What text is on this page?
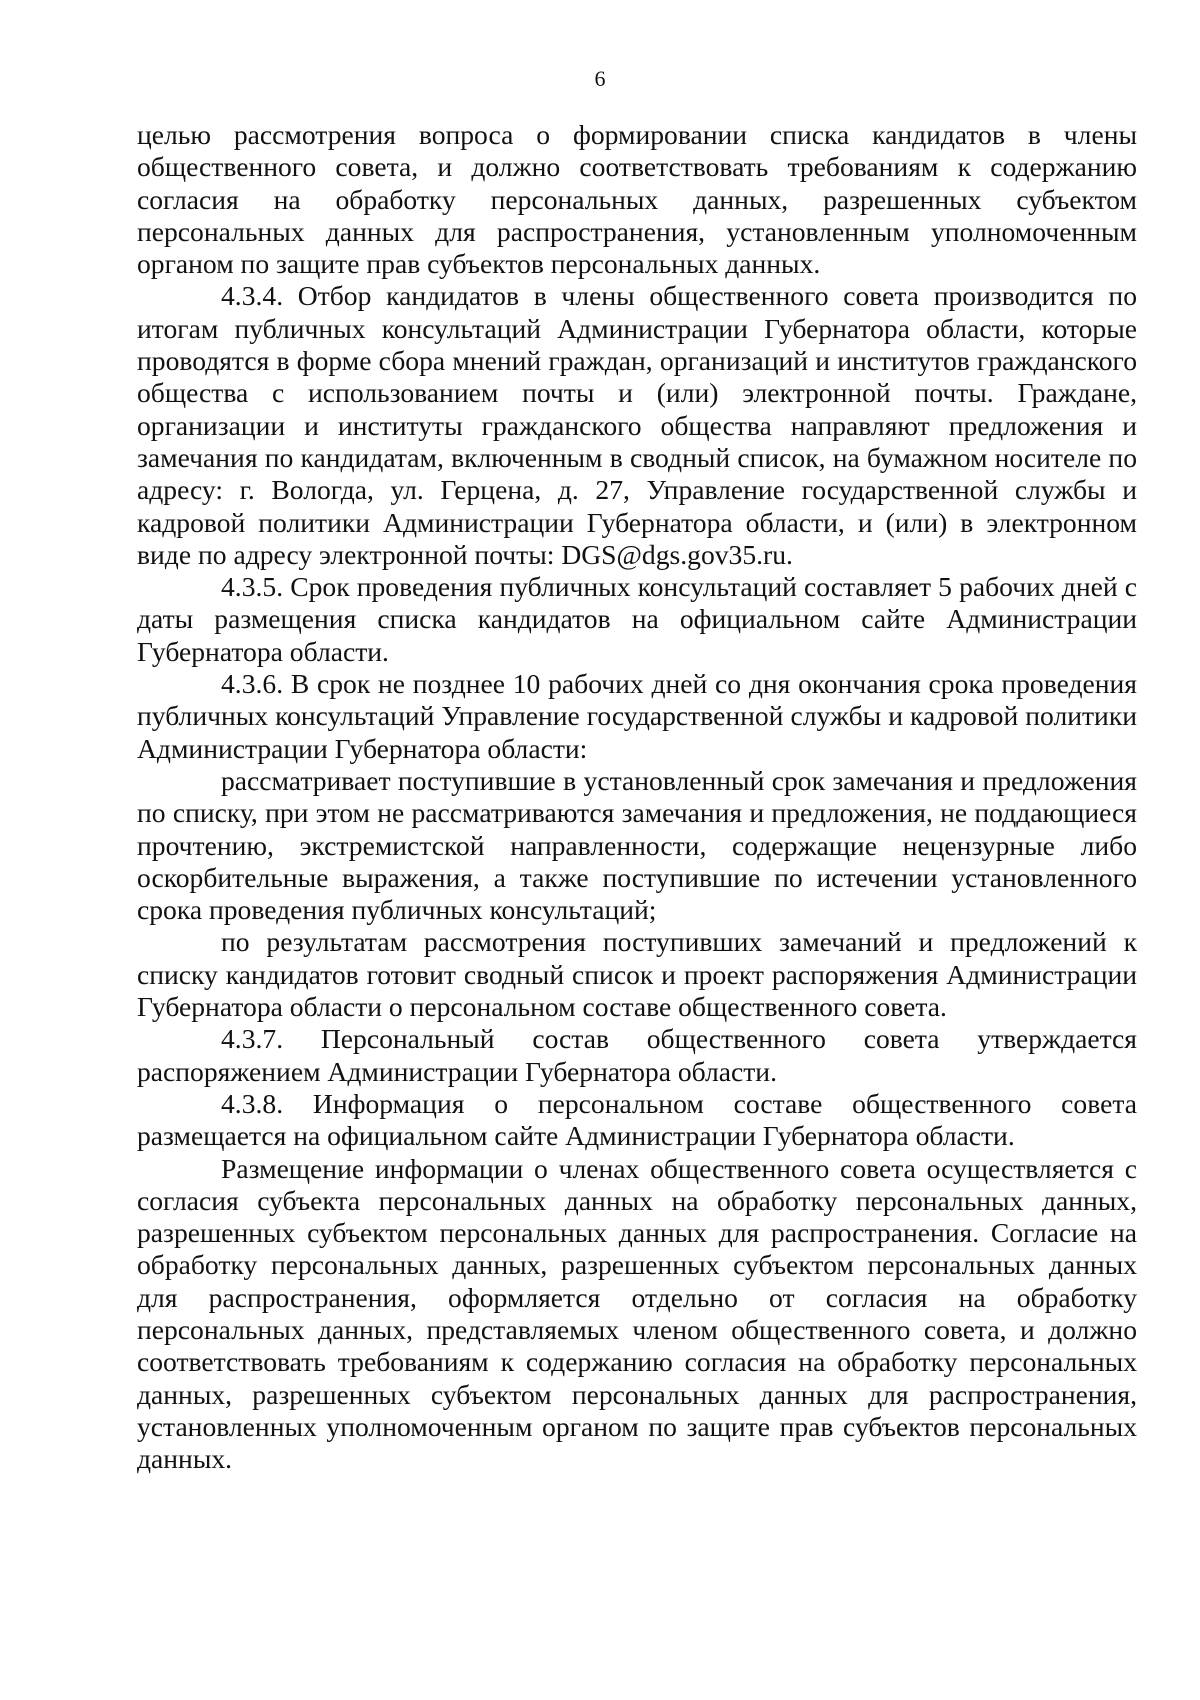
6

целью рассмотрения вопроса о формировании списка кандидатов в члены общественного совета, и должно соответствовать требованиям к содержанию согласия на обработку персональных данных, разрешенных субъектом персональных данных для распространения, установленным уполномоченным органом по защите прав субъектов персональных данных.

4.3.4. Отбор кандидатов в члены общественного совета производится по итогам публичных консультаций Администрации Губернатора области, которые проводятся в форме сбора мнений граждан, организаций и институтов гражданского общества с использованием почты и (или) электронной почты. Граждане, организации и институты гражданского общества направляют предложения и замечания по кандидатам, включенным в сводный список, на бумажном носителе по адресу: г. Вологда, ул. Герцена, д. 27, Управление государственной службы и кадровой политики Администрации Губернатора области, и (или) в электронном виде по адресу электронной почты: DGS@dgs.gov35.ru.

4.3.5. Срок проведения публичных консультаций составляет 5 рабочих дней с даты размещения списка кандидатов на официальном сайте Администрации Губернатора области.

4.3.6. В срок не позднее 10 рабочих дней со дня окончания срока проведения публичных консультаций Управление государственной службы и кадровой политики Администрации Губернатора области:

рассматривает поступившие в установленный срок замечания и предложения по списку, при этом не рассматриваются замечания и предложения, не поддающиеся прочтению, экстремистской направленности, содержащие нецензурные либо оскорбительные выражения, а также поступившие по истечении установленного срока проведения публичных консультаций;

по результатам рассмотрения поступивших замечаний и предложений к списку кандидатов готовит сводный список и проект распоряжения Администрации Губернатора области о персональном составе общественного совета.

4.3.7. Персональный состав общественного совета утверждается распоряжением Администрации Губернатора области.

4.3.8. Информация о персональном составе общественного совета размещается на официальном сайте Администрации Губернатора области.

Размещение информации о членах общественного совета осуществляется с согласия субъекта персональных данных на обработку персональных данных, разрешенных субъектом персональных данных для распространения. Согласие на обработку персональных данных, разрешенных субъектом персональных данных для распространения, оформляется отдельно от согласия на обработку персональных данных, представляемых членом общественного совета, и должно соответствовать требованиям к содержанию согласия на обработку персональных данных, разрешенных субъектом персональных данных для распространения, установленных уполномоченным органом по защите прав субъектов персональных данных.
